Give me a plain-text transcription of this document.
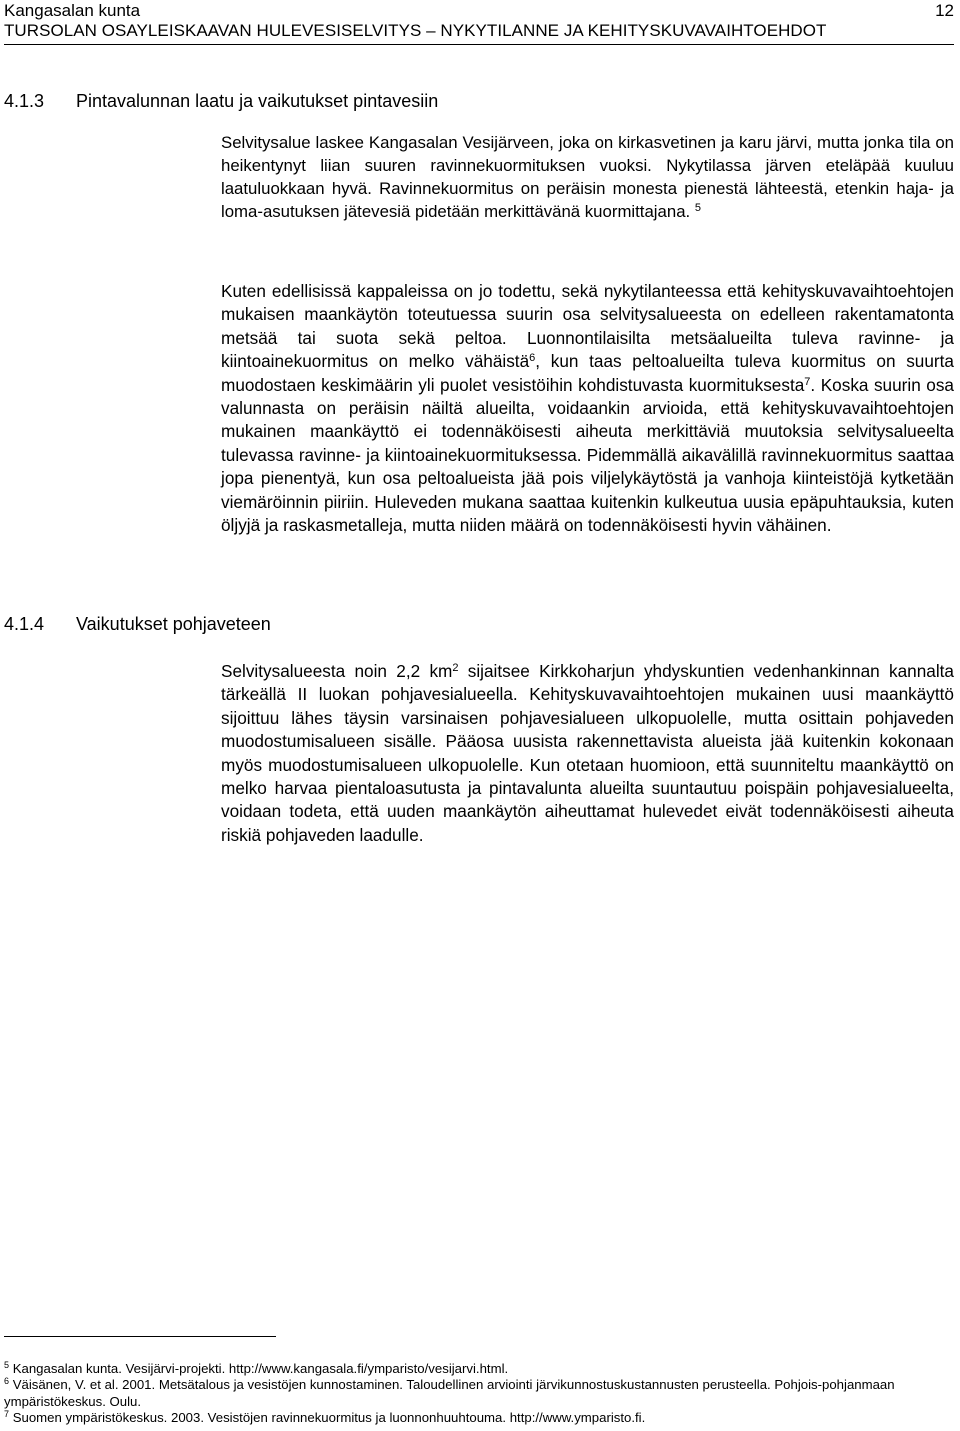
Kangasalan kunta	12
TURSOLAN OSAYLEISKAAVAN HULEVESISELVITYS – NYKYTILANNE JA KEHITYSKUVAVAIHTOEHDOT
4.1.3 Pintavalunnan laatu ja vaikutukset pintavesiin

Selvitysalue laskee Kangasalan Vesijärveen, joka on kirkasvetinen ja karu järvi, mutta jonka tila on heikentynyt liian suuren ravinnekuormituksen vuoksi. Nykytilassa järven eteläpää kuuluu laatuluokkaan hyvä. Ravinnekuormitus on peräisin monesta pienestä lähteestä, etenkin haja- ja loma-asutuksen jätevesiä pidetään merkittävänä kuormittajana. $^5$

Kuten edellisissä kappaleissa on jo todettu, sekä nykytilanteessa että kehityskuvavaihtoehtojen mukaisen maankäytön toteutuessa suurin osa selvitysalueesta on edelleen rakentamatonta metsää tai suota sekä peltoa. Luonnontilaisilta metsäalueilta tuleva ravinne- ja kiintoainekuormitus on melko vähäistä$^6$, kun taas peltoalueilta tuleva kuormitus on suurta muodostaen keskimäärin yli puolet vesistöihin kohdistuvasta kuormituksesta$^7$. Koska suurin osa valunnasta on peräisin näiltä alueilta, voidaankin arvioida, että kehityskuvavaihtoehtojen mukainen maankäyttö ei todennäköisesti aiheuta merkittäviä muutoksia selvitysalueelta tulevassa ravinne- ja kiintoainekuormituksessa. Pidemmällä aikavälillä ravinnekuormitus saattaa jopa pienentyä, kun osa peltoalueista jää pois viljelykäytöstä ja vanhoja kiinteistöjä kytketään viemäröinnin piiriin. Huleveden mukana saattaa kuitenkin kulkeutua uusia epäpuhtauksia, kuten öljyjä ja raskasmetalleja, mutta niiden määrä on todennäköisesti hyvin vähäinen.

4.1.4 Vaikutukset pohjaveteen

Selvitysalueesta noin 2,2 $km^2$ sijaitsee Kirkkoharjun yhdyskuntien vedenhankinnan kannalta tärkeällä II luokan pohjavesialueella. Kehityskuvavaihtoehtojen mukainen uusi maankäyttö sijoittuu lähes täysin varsinaisen pohjavesialueen ulkopuolelle, mutta osittain pohjaveden muodostumisalueen sisälle. Pääosa uusista rakennettavista alueista jää kuitenkin kokonaan myös muodostumisalueen ulkopuolelle. Kun otetaan huomioon, että suunniteltu maankäyttö on melko harvaa pientaloasutusta ja pintavalunta alueilta suuntautuu poispäin pohjavesialueelta, voidaan todeta, että uuden maankäytön aiheuttamat hulevedet eivät todennäköisesti aiheuta riskiä pohjaveden laadulle.

$^5$ Kangasalan kunta. Vesijärvi-projekti. http://www.kangasala.fi/ymparisto/vesijarvi.html.

$^6$ Väisänen, V. et al. 2001. Metsätalous ja vesistöjen kunnostaminen. Taloudellinen arviointi järvikunnostuskustannusten perusteella. Pohjois-pohjanmaan ympäristökeskus. Oulu.

$^7$ Suomen ympäristökeskus. 2003. Vesistöjen ravinnekuormitus ja luonnonhuuhtouma. http://www.ymparisto.fi.
